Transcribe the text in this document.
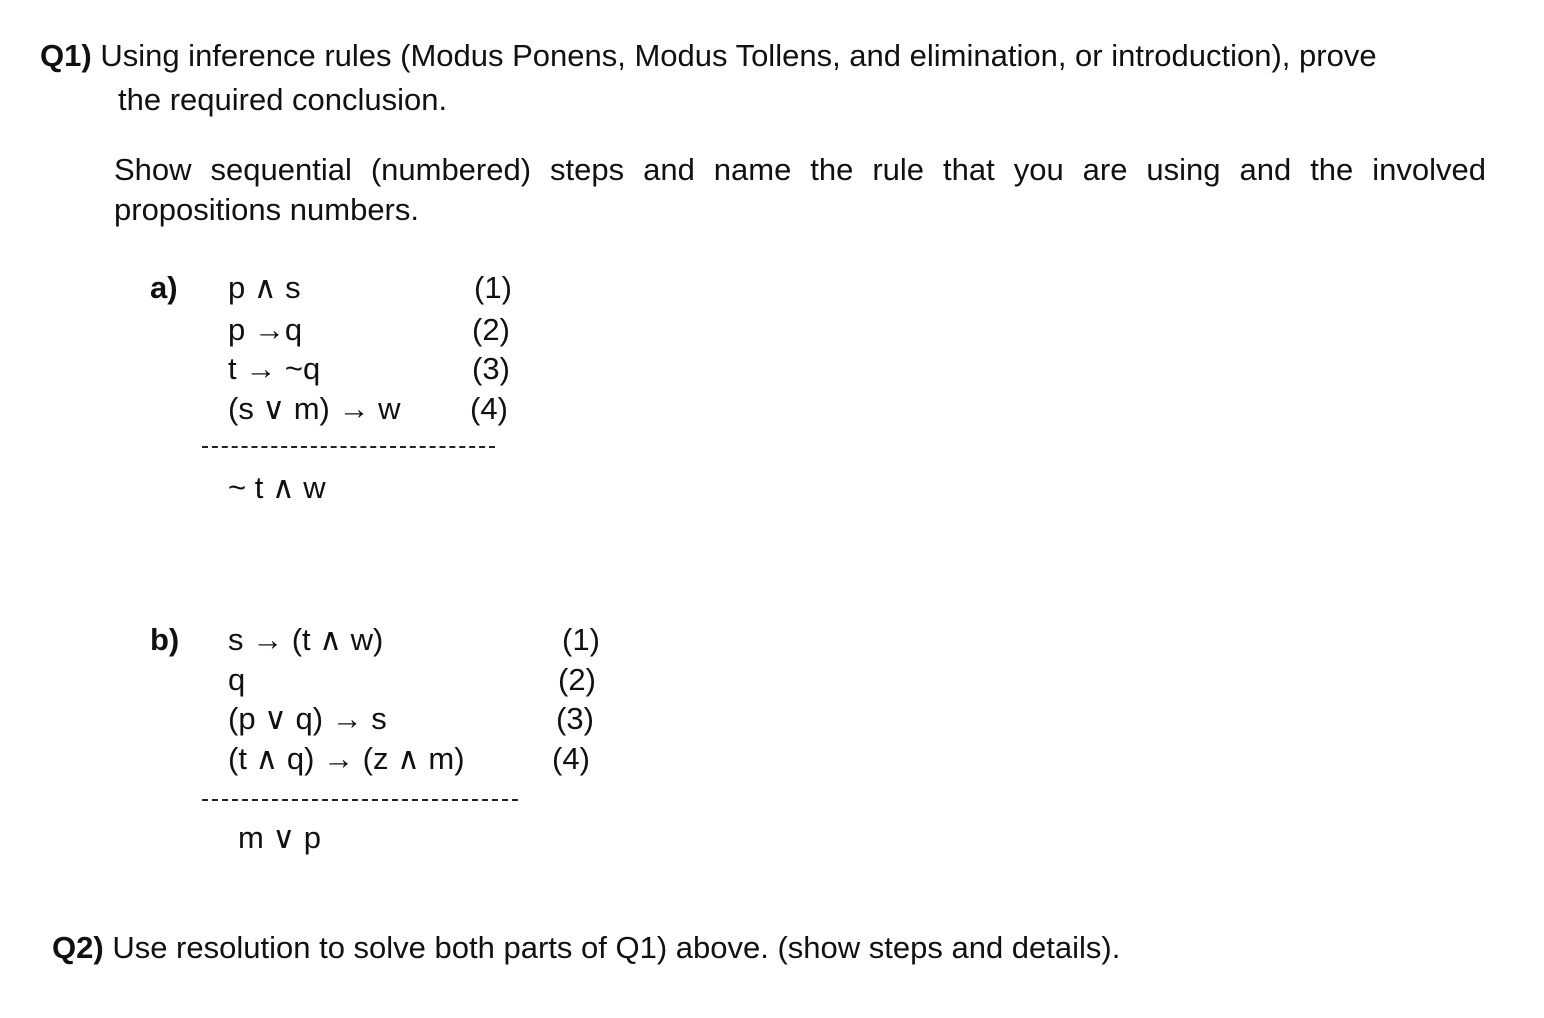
Q1) Using inference rules (Modus Ponens, Modus Tollens, and elimination, or introduction), prove
the required conclusion.
Show sequential (numbered) steps and name the rule that you are using and the involved
propositions numbers.
a) p ∧ s
p →q
t → ~q
(s ∨ m) → w
(1)
(2)
(3)
(4)
~ t ∧ w
b) s → (t ∧ w)
q
(p ∨ q) → s
(t ∧ q) → (z ∧ m)
(1)
(2)
(3)
(4)
m ∨ p
Q2) Use resolution to solve both parts of Q1) above. (show steps and details).
